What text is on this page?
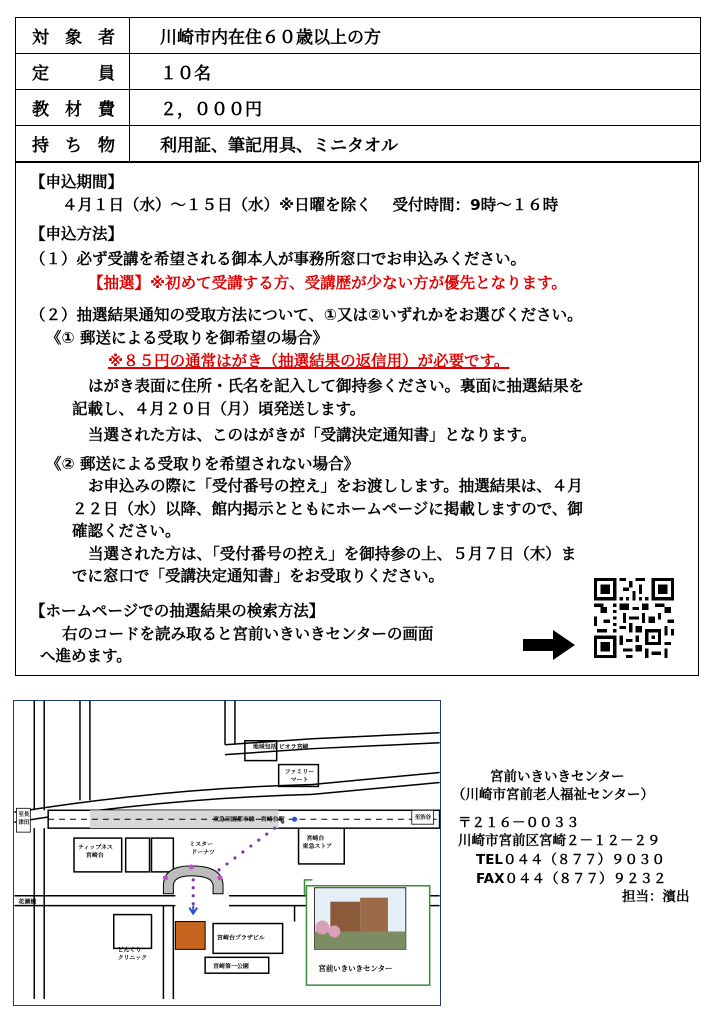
対 象 者	川崎市内在住６０歳以上の方

定 員	１０名

教 材 費	２，０００円

持 ち 物	利用証、筆記用具、ミニタオル
【申込期間】
４月１日（水）～１５日（水）※日曜を除く　 受付時間：9時～１６時
【申込方法】
（１）必ず受講を希望される御本人が事務所窓口でお申込みください。
【抽選】※初めて受講する方、受講歴が少ない方が優先となります。
（２）抽選結果通知の受取方法について、①又は②いずれかをお選びください。
《① 郵送による受取りを御希望の場合》
※８５円の通常はがき（抽選結果の返信用）が必要です。
はがき表面に住所・氏名を記入して御持参ください。裏面に抽選結果を
記載し、４月２０日（月）頃発送します。
当選された方は、このはがきが「受講決定通知書」となります。
《② 郵送による受取りを希望されない場合》
お申込みの際に「受付番号の控え」をお渡しします。抽選結果は、４月
２２日（水）以降、館内掲示とともにホームページに掲載しますので、御
確認ください。
当選された方は、「受付番号の控え」を御持参の上、５月７日（木）ま
でに窓口で「受講決定通知書」をお受取りください。
【ホームページでの抽選結果の検索方法】
右のコードを読み取ると宮前いきいきセンターの画面
へ進めます。
東急田園都市線　宮崎台駅
地域包括 ビオラ宮崎
ファミリー
マート
ティップネス
宮崎台
ミスター
ドーナツ
宮崎台
東急ストア
花瀬橋
宮崎台プラザビル
宮崎第一公園
どんぐり
クリニック
宮前いきいきセンター
至長
津田
至渋谷
宮前いきいきセンター
（川崎市宮前老人福祉センター）
〒２１６－００３３
川崎市宮前区宮崎２－１２－２９
TEL０４４（８７７）９０３０
FAX０４４（８７７）９２３２
担当：濱出
